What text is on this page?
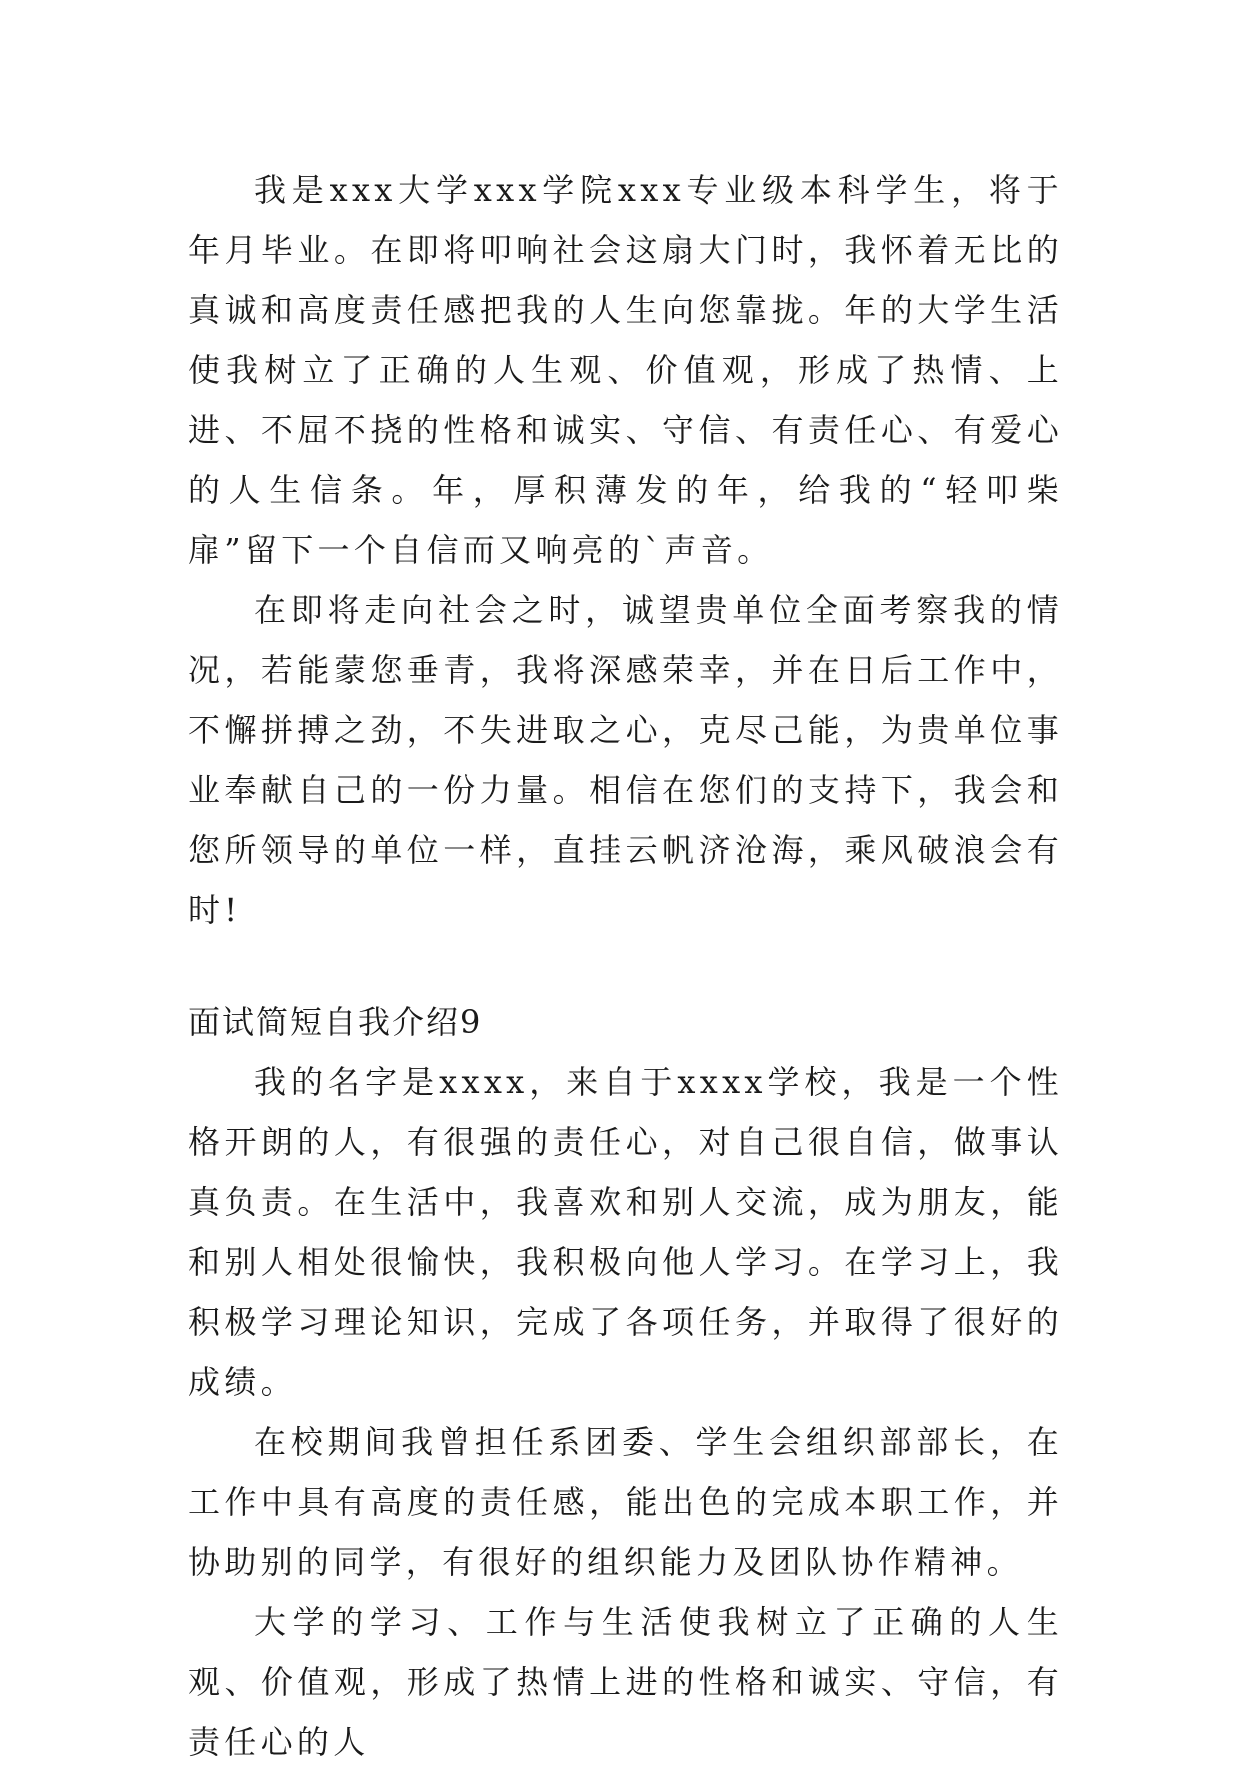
我是xxx大学xxx学院xxx专业级本科学生，将于年月毕业。在即将叩响社会这扇大门时，我怀着无比的真诚和高度责任感把我的人生向您靠拢。年的大学生活使我树立了正确的人生观、价值观，形成了热情、上进、不屈不挠的性格和诚实、守信、有责任心、有爱心的人生信条。年，厚积薄发的年，给我的“轻叩柴扉”留下一个自信而又响亮的`声音。

在即将走向社会之时，诚望贵单位全面考察我的情况，若能蒙您垂青，我将深感荣幸，并在日后工作中，不懈拼搏之劲，不失进取之心，克尽己能，为贵单位事业奉献自己的一份力量。相信在您们的支持下，我会和您所领导的单位一样，直挂云帆济沧海，乘风破浪会有时!

面试简短自我介绍9

我的名字是xxxx，来自于xxxx学校，我是一个性格开朗的人，有很强的责任心，对自己很自信，做事认真负责。在生活中，我喜欢和别人交流，成为朋友，能和别人相处很愉快，我积极向他人学习。在学习上，我积极学习理论知识，完成了各项任务，并取得了很好的成绩。

在校期间我曾担任系团委、学生会组织部部长，在工作中具有高度的责任感，能出色的完成本职工作，并协助别的同学，有很好的组织能力及团队协作精神。

大学的学习、工作与生活使我树立了正确的人生观、价值观，形成了热情上进的性格和诚实、守信，有责任心的人
